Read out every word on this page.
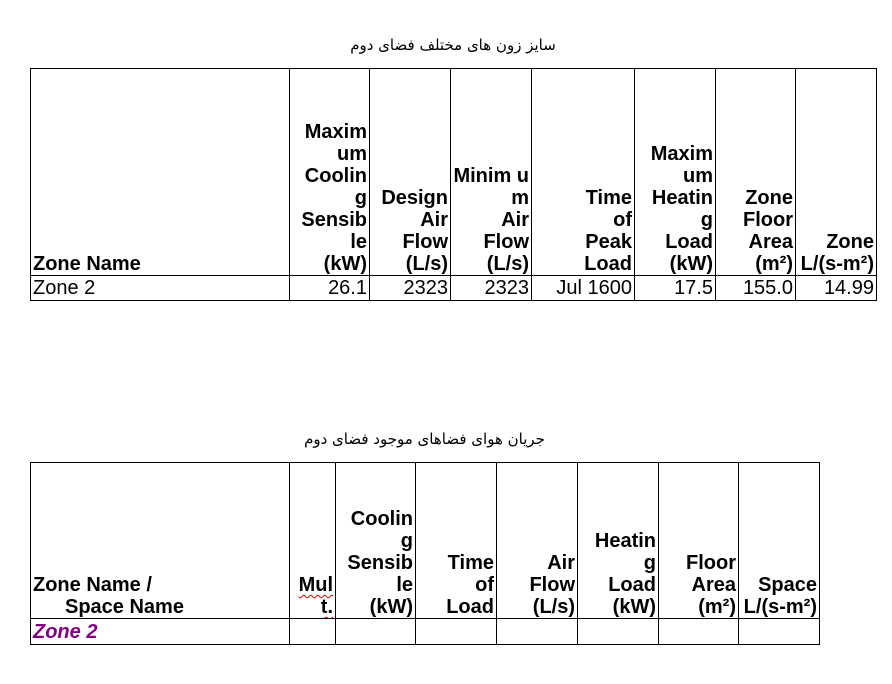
سایز زون های مختلف فضای دوم
Zone Name	Maxim um
Coolin g
Sensib le
(kW)	Design
Air
Flow
(L/s)	Minim um
Air
Flow
(L/s)	Time
of
Peak
Load	Maxim um
Heatin g
Load
(kW)	Zone
Floor
Area
(m²)	Zone
L/(s-m²)

Zone 2	26.1	2323	2323	Jul 1600	17.5	155.0	14.99
جریان هوای فضاهای موجود فضای دوم
Zone Name /
Space Name	Mult.	Coolin g
Sensib le
(kW)	Time
of
Load	Air
Flow
(L/s)	Heatin g
Load
(kW)	Floor
Area
(m²)	Space
L/(s-m²)

Zone 2							
